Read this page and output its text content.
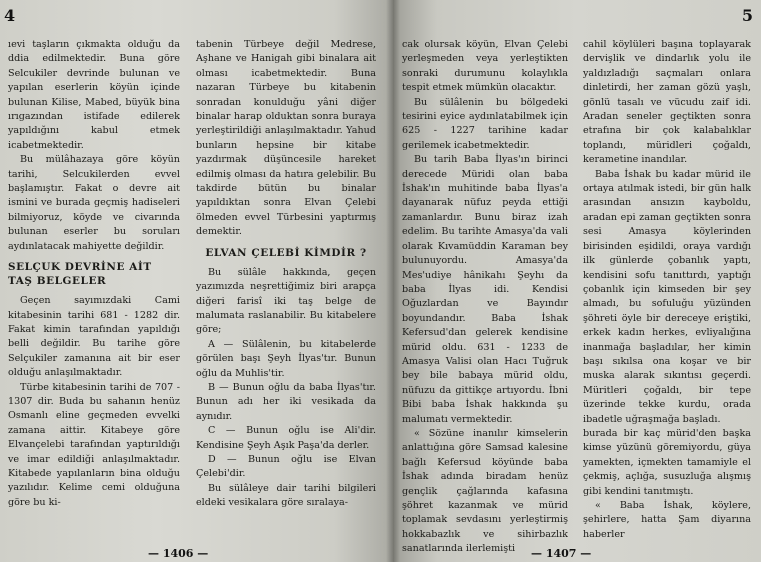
4

ıevi taşların çıkmakta olduğu da ddia edilmektedir. Buna göre Selcukiler devrinde bulunan ve yapılan eserlerin köyün içinde bulunan Kilise, Mabed, büyük bina ırıgazından istifade edilerek yapıldığını kabul etmek icabetmektedir.

Bu mülâhazaya göre köyün tarihi, Selcukilerden evvel başlamıştır. Fakat o devre ait ismini ve burada geçmiş hadiseleri bilmiyoruz, köyde ve civarında bulunan eserler bu soruları aydınlatacak mahiyette değildir.

SELÇUK DEVRİNE AİT TAŞ BELGELER

Geçen sayımızdaki Cami kitabesinin tarihi 681 - 1282 dir. Fakat kimin tarafından yapıldığı belli değildir. Bu tarihe göre Selçukiler zamanına ait bir eser olduğu anlaşılmaktadır.

Türbe kitabesinin tarihi de 707 - 1307 dir. Buda bu sahanın henüz Osmanlı eline geçmeden evvelki zamana aittir. Kitabeye göre Elvançelebi tarafından yaptırıldığı ve imar edildiği anlaşılmaktadır. Kitabede yapılanların bina olduğu yazılıdır. Kelime cemi olduğuna göre bu ki-

tabenin Türbeye değil Medrese, Aşhane ve Hanigah gibi binalara ait olması icabetmektedir. Buna nazaran Türbeye bu kitabenin sonradan konulduğu yâni diğer binalar harap olduktan sonra buraya yerleştirildiği anlaşılmaktadır. Yahud bunların hepsine bir kitabe yazdırmak düşüncesile hareket edilmiş olması da hatıra gelebilir. Bu takdirde bütün bu binalar yapıldıktan sonra Elvan Çelebi ölmeden evvel Türbesini yaptırmış demektir.

ELVAN ÇELEBİ KİMDİR ?

Bu sülâle hakkında, geçen yazımızda neşrettiğimiz biri arapça diğeri farisî iki taş belge de malumata raslanabilir. Bu kitabelere göre;

A — Sülâlenin, bu kitabelerde görülen başı Şeyh İlyas'tır. Bunun oğlu da Muhlis'tir.

B — Bunun oğlu da baba İlyas'tır. Bunun adı her iki vesikada da aynıdır.

C — Bunun oğlu ise Ali'dir. Kendisine Şeyh Aşık Paşa'da derler.

D — Bunun oğlu ise Elvan Çelebi'dir.

Bu sülâleye dair tarihi bilgileri eldeki vesikalara göre sıralaya-

— 1406 —
5

cak olursak köyün, Elvan Çelebi yerleşmeden veya yerleştikten sonraki durumunu kolaylıkla tespit etmek mümkün olacaktır.

Bu sülâlenin bu bölgedeki tesirini eyice aydınlatabilmek için 625 - 1227 tarihine kadar gerilemek icabetmektedir.

Bu tarih Baba İlyas'ın birinci derecede Müridi olan baba İshak'ın muhitinde baba İlyas'a dayanarak nüfuz peyda ettiği zamanlardır. Bunu biraz izah edelim. Bu tarihte Amasya'da vali olarak Kıvamüddin Karaman bey bulunuyordu. Amasya'da Mes'udiye hânikahı Şeyhı da baba İlyas idi. Kendisi Oğuzlardan ve Bayındır boyundandır. Baba İshak Kefersud'dan gelerek kendisine mürid oldu. 631 - 1233 de Amasya Valisi olan Hacı Tuğruk bey bile babaya mürid oldu, nüfuzu da gittikçe artıyordu. İbni Bibi baba İshak hakkında şu malumatı vermektedir.

« Sözüne inanılır kimselerin anlattığına göre Samsad kalesine bağlı Kefersud köyünde baba İshak adında biradam henüz gençlik çağlarında kafasına şöhret kazanmak ve mürid toplamak sevdasını yerleştirmiş hokkabazlık ve sihirbazlık sanatlarında ilerlemişti

cahil köylüleri başına toplayarak dervişlik ve dindarlık yolu ile yaldızladığı saçmaları onlara dinletirdi, her zaman gözü yaşlı, gönlü tasalı ve vücudu zaif idi. Aradan seneler geçtikten sonra etrafına bir çok kalabalıklar toplandı, müridleri çoğaldı, kerametine inandılar.

Baba İshak bu kadar mürid ile ortaya atılmak istedi, bir gün halk arasından ansızın kayboldu, aradan epi zaman geçtikten sonra sesi Amasya köylerinden birisinden eşidildi, oraya vardığı ilk günlerde çobanlık yaptı, kendisini sofu tanıttırdı, yaptığı çobanlık için kimseden bir şey almadı, bu sofuluğu yüzünden şöhreti öyle bir dereceye eriştiki, erkek kadın herkes, evliyalığına inanmağa başladılar, her kimin başı sıkılsa ona koşar ve bir muska alarak sıkıntısı geçerdi. Müritleri çoğaldı, bir tepe üzerinde tekke kurdu, orada ibadetle uğraşmağa başladı.

burada bir kaç mürid'den başka kimse yüzünü göremiyordu, güya yamekten, içmekten tamamiyle el çekmiş, açlığa, susuzluğa alışmış gibi kendini tanıtmıştı.

« Baba İshak, köylere, şehirlere, hatta Şam diyarına haberler

— 1407 —
